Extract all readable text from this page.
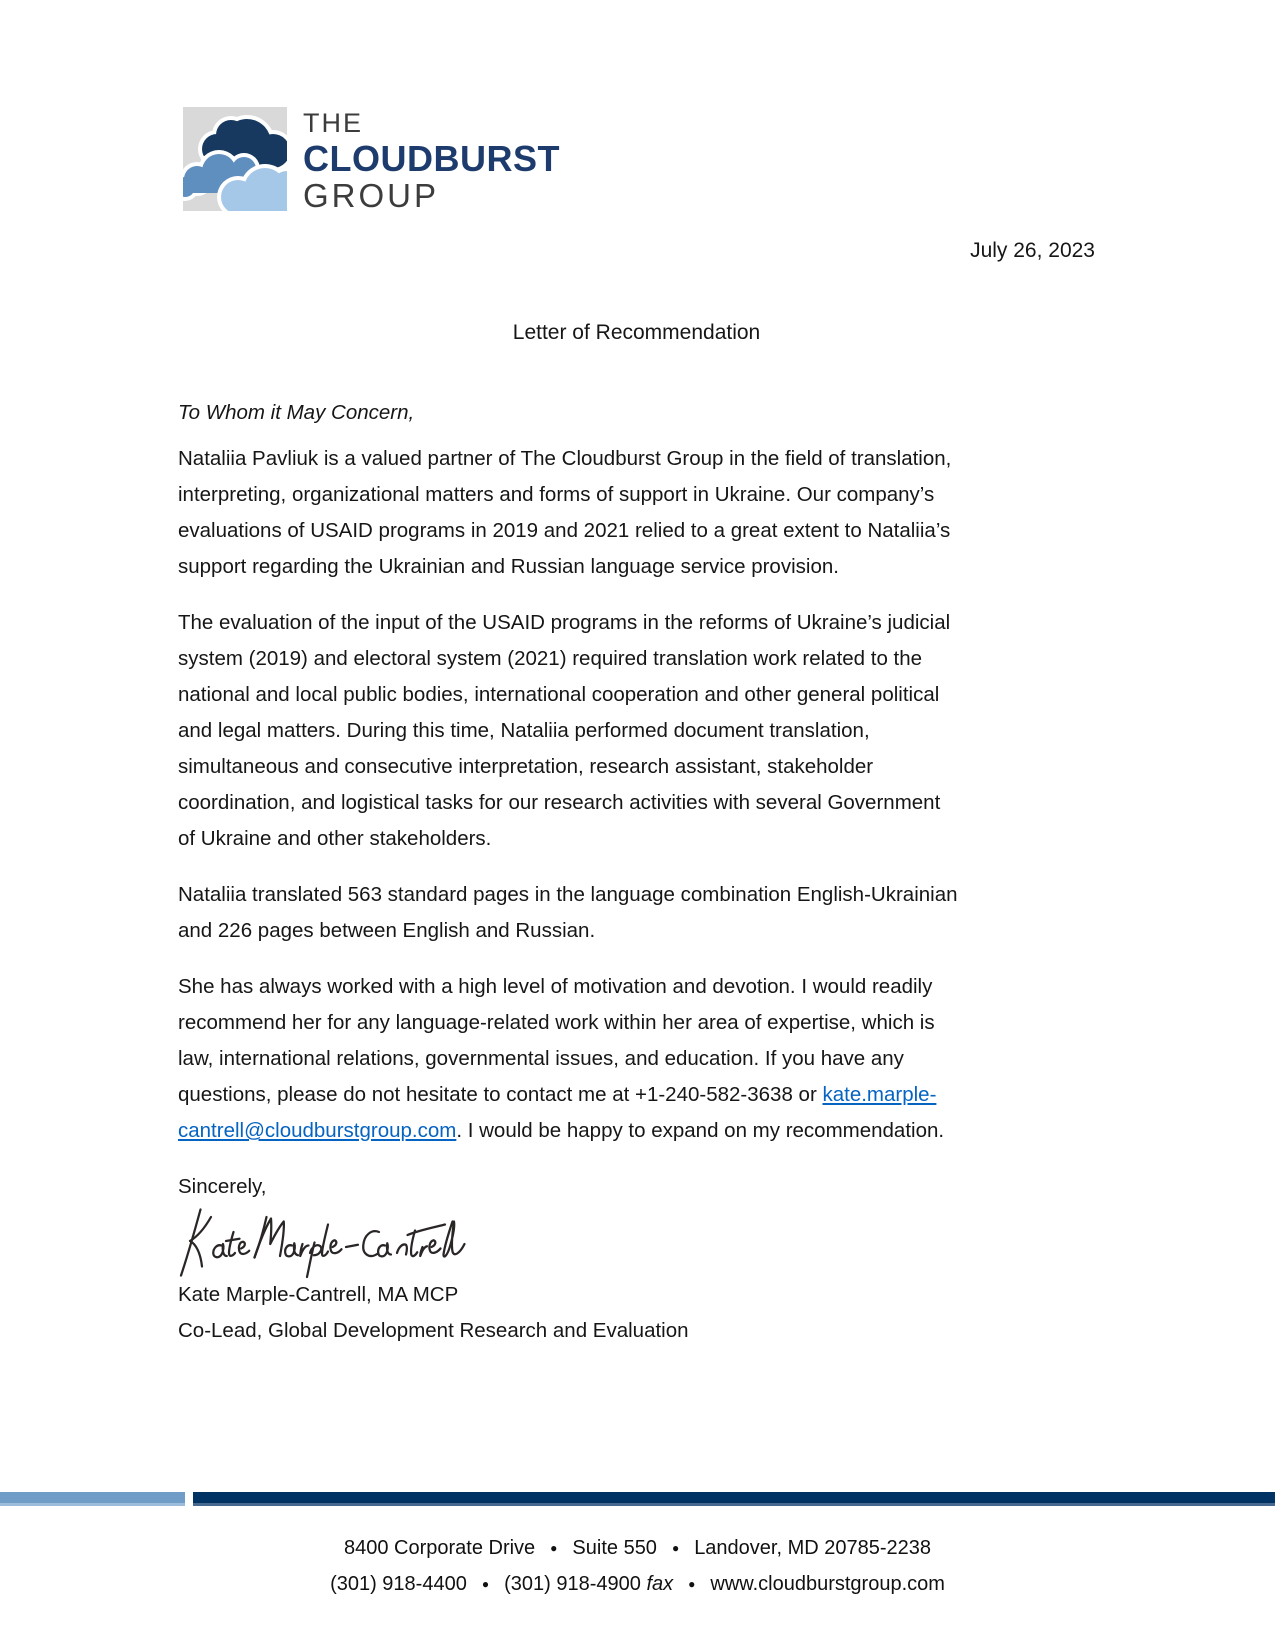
THE
CLOUDBURST
GROUP
July 26, 2023
Letter of Recommendation
To Whom it May Concern,

Nataliia Pavliuk is a valued partner of The Cloudburst Group in the field of translation,
interpreting, organizational matters and forms of support in Ukraine. Our company’s
evaluations of USAID programs in 2019 and 2021 relied to a great extent to Nataliia’s
support regarding the Ukrainian and Russian language service provision.

The evaluation of the input of the USAID programs in the reforms of Ukraine’s judicial
system (2019) and electoral system (2021) required translation work related to the
national and local public bodies, international cooperation and other general political
and legal matters. During this time, Nataliia performed document translation,
simultaneous and consecutive interpretation, research assistant, stakeholder
coordination, and logistical tasks for our research activities with several Government
of Ukraine and other stakeholders.

Nataliia translated 563 standard pages in the language combination English-Ukrainian
and 226 pages between English and Russian.

She has always worked with a high level of motivation and devotion. I would readily
recommend her for any language-related work within her area of expertise, which is
law, international relations, governmental issues, and education. If you have any
questions, please do not hesitate to contact me at +1-240-582-3638 or kate.marple-
cantrell@cloudburstgroup.com. I would be happy to expand on my recommendation.

Sincerely,
Kate Marple-Cantrell, MA MCP
Co-Lead, Global Development Research and Evaluation
8400 Corporate Drive ● Suite 550 ● Landover, MD 20785-2238
(301) 918-4400 ● (301) 918-4900 fax ● www.cloudburstgroup.com
